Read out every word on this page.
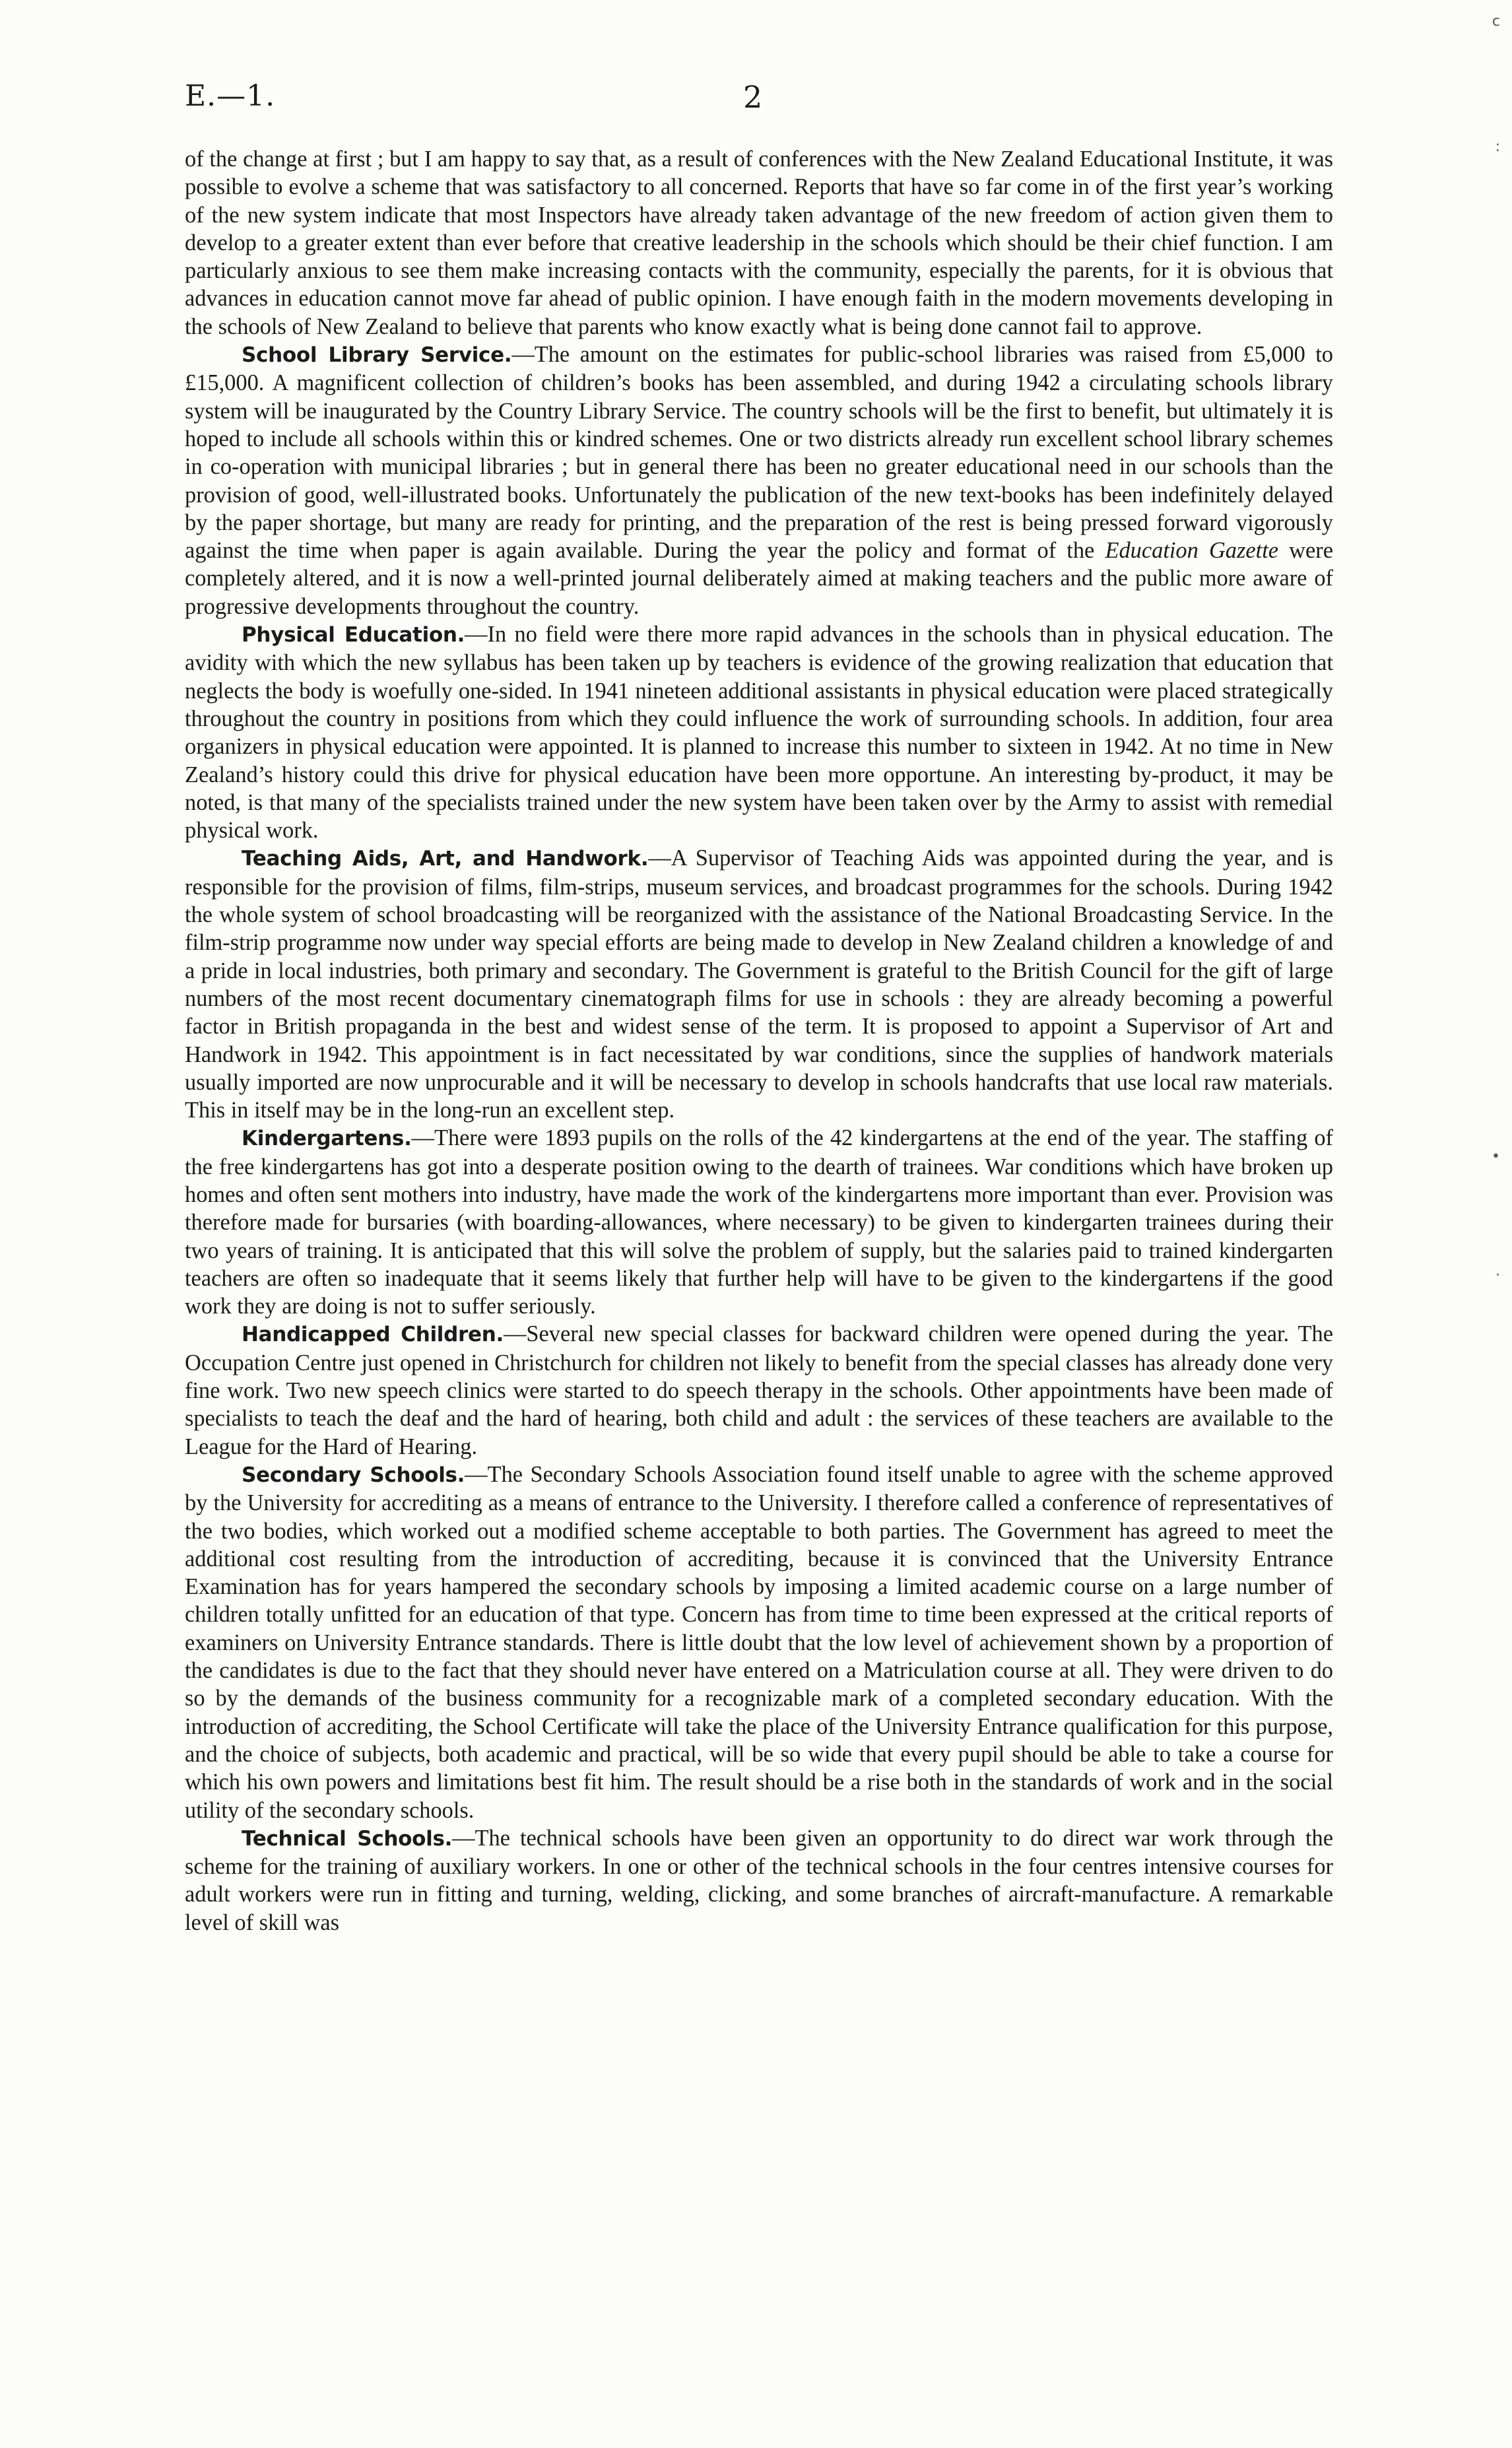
c
:
•
·
E.—1.	2

of the change at first ; but I am happy to say that, as a result of conferences with the New Zealand Educational Institute, it was possible to evolve a scheme that was satisfactory to all concerned. Reports that have so far come in of the first year’s working of the new system indicate that most Inspectors have already taken advantage of the new freedom of action given them to develop to a greater extent than ever before that creative leadership in the schools which should be their chief function. I am particularly anxious to see them make increasing contacts with the community, especially the parents, for it is obvious that advances in education cannot move far ahead of public opinion. I have enough faith in the modern movements developing in the schools of New Zealand to believe that parents who know exactly what is being done cannot fail to approve.

School Library Service.—The amount on the estimates for public-school libraries was raised from £5,000 to £15,000. A magnificent collection of children’s books has been assembled, and during 1942 a circulating schools library system will be inaugurated by the Country Library Service. The country schools will be the first to benefit, but ultimately it is hoped to include all schools within this or kindred schemes. One or two districts already run excellent school library schemes in co-operation with municipal libraries ; but in general there has been no greater educational need in our schools than the provision of good, well-illustrated books. Unfortunately the publication of the new text-books has been indefinitely delayed by the paper shortage, but many are ready for printing, and the preparation of the rest is being pressed forward vigorously against the time when paper is again available. During the year the policy and format of the Education Gazette were completely altered, and it is now a well-printed journal deliberately aimed at making teachers and the public more aware of progressive developments throughout the country.

Physical Education.—In no field were there more rapid advances in the schools than in physical education. The avidity with which the new syllabus has been taken up by teachers is evidence of the growing realization that education that neglects the body is woefully one-sided. In 1941 nineteen additional assistants in physical education were placed strategically throughout the country in positions from which they could influence the work of surrounding schools. In addition, four area organizers in physical education were appointed. It is planned to increase this number to sixteen in 1942. At no time in New Zealand’s history could this drive for physical education have been more opportune. An interesting by-product, it may be noted, is that many of the specialists trained under the new system have been taken over by the Army to assist with remedial physical work.

Teaching Aids, Art, and Handwork.—A Supervisor of Teaching Aids was appointed during the year, and is responsible for the provision of films, film-strips, museum services, and broadcast programmes for the schools. During 1942 the whole system of school broadcasting will be reorganized with the assistance of the National Broadcasting Service. In the film-strip programme now under way special efforts are being made to develop in New Zealand children a knowledge of and a pride in local industries, both primary and secondary. The Government is grateful to the British Council for the gift of large numbers of the most recent documentary cinematograph films for use in schools : they are already becoming a powerful factor in British propaganda in the best and widest sense of the term. It is proposed to appoint a Supervisor of Art and Handwork in 1942. This appointment is in fact necessitated by war conditions, since the supplies of handwork materials usually imported are now unprocurable and it will be necessary to develop in schools handcrafts that use local raw materials. This in itself may be in the long-run an excellent step.

Kindergartens.—There were 1893 pupils on the rolls of the 42 kindergartens at the end of the year. The staffing of the free kindergartens has got into a desperate position owing to the dearth of trainees. War conditions which have broken up homes and often sent mothers into industry, have made the work of the kindergartens more important than ever. Provision was therefore made for bursaries (with boarding-allowances, where necessary) to be given to kindergarten trainees during their two years of training. It is anticipated that this will solve the problem of supply, but the salaries paid to trained kindergarten teachers are often so inadequate that it seems likely that further help will have to be given to the kindergartens if the good work they are doing is not to suffer seriously.

Handicapped Children.—Several new special classes for backward children were opened during the year. The Occupation Centre just opened in Christchurch for children not likely to benefit from the special classes has already done very fine work. Two new speech clinics were started to do speech therapy in the schools. Other appointments have been made of specialists to teach the deaf and the hard of hearing, both child and adult : the services of these teachers are available to the League for the Hard of Hearing.

Secondary Schools.—The Secondary Schools Association found itself unable to agree with the scheme approved by the University for accrediting as a means of entrance to the University. I therefore called a conference of representatives of the two bodies, which worked out a modified scheme acceptable to both parties. The Government has agreed to meet the additional cost resulting from the introduction of accrediting, because it is convinced that the University Entrance Examination has for years hampered the secondary schools by imposing a limited academic course on a large number of children totally unfitted for an education of that type. Concern has from time to time been expressed at the critical reports of examiners on University Entrance standards. There is little doubt that the low level of achievement shown by a proportion of the candidates is due to the fact that they should never have entered on a Matriculation course at all. They were driven to do so by the demands of the business community for a recognizable mark of a completed secondary education. With the introduction of accrediting, the School Certificate will take the place of the University Entrance qualification for this purpose, and the choice of subjects, both academic and practical, will be so wide that every pupil should be able to take a course for which his own powers and limitations best fit him. The result should be a rise both in the standards of work and in the social utility of the secondary schools.

Technical Schools.—The technical schools have been given an opportunity to do direct war work through the scheme for the training of auxiliary workers. In one or other of the technical schools in the four centres intensive courses for adult workers were run in fitting and turning, welding, clicking, and some branches of aircraft-manufacture. A remarkable level of skill was
